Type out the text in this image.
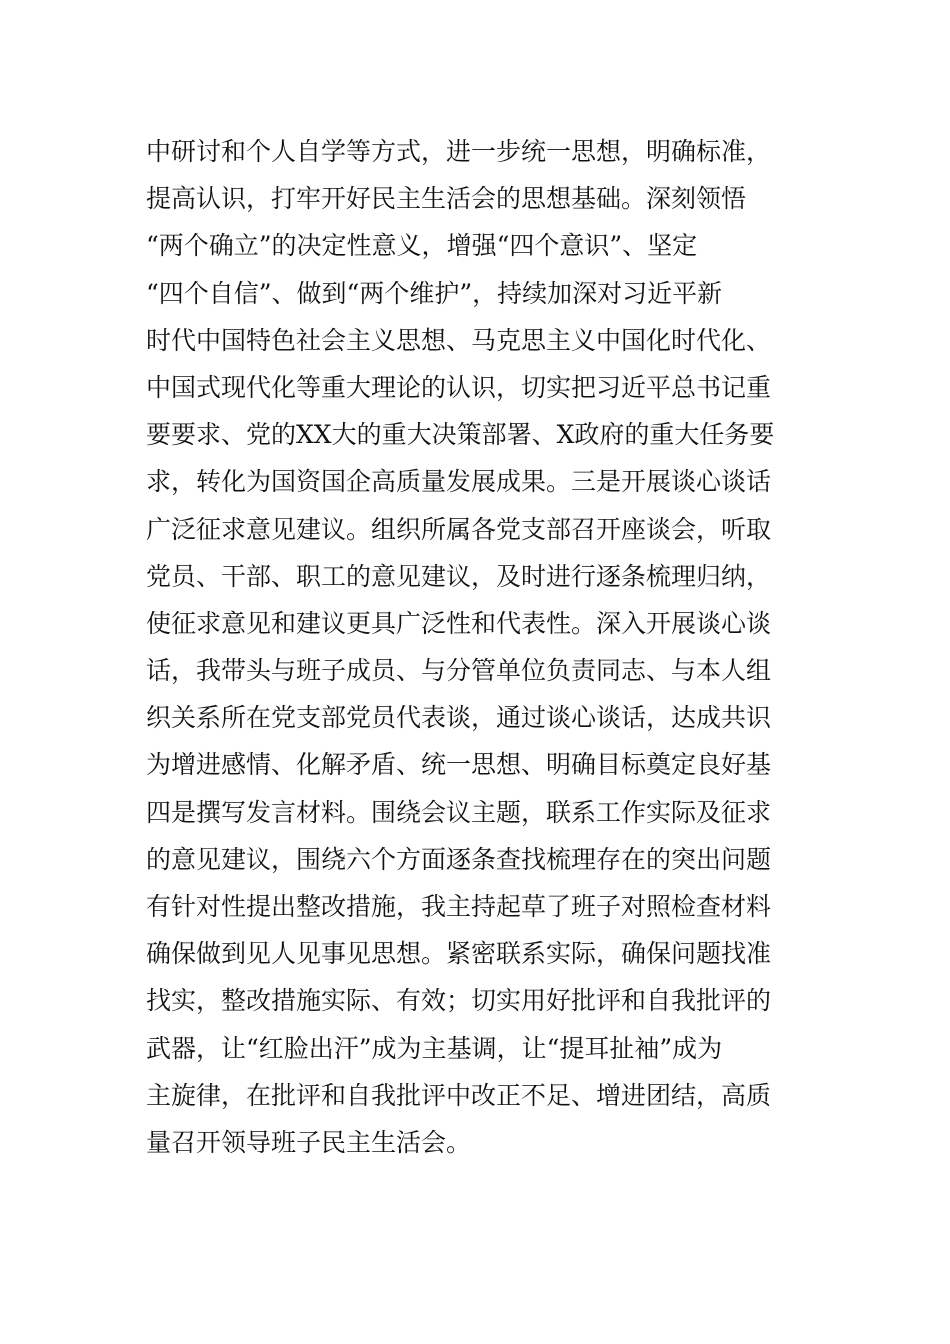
中研讨和个人自学等方式，进一步统一思想，明确标准，
提高认识，打牢开好民主生活会的思想基础。深刻领悟
“两个确立”的决定性意义，增强“四个意识”、坚定
“四个自信”、做到“两个维护”，持续加深对习近平新
时代中国特色社会主义思想、马克思主义中国化时代化、
中国式现代化等重大理论的认识，切实把习近平总书记重
要要求、党的XX大的重大决策部署、X政府的重大任务要
求，转化为国资国企高质量发展成果。三是开展谈心谈话
广泛征求意见建议。组织所属各党支部召开座谈会，听取
党员、干部、职工的意见建议，及时进行逐条梳理归纳，
使征求意见和建议更具广泛性和代表性。深入开展谈心谈
话，我带头与班子成员、与分管单位负责同志、与本人组
织关系所在党支部党员代表谈，通过谈心谈话，达成共识
为增进感情、化解矛盾、统一思想、明确目标奠定良好基
四是撰写发言材料。围绕会议主题，联系工作实际及征求
的意见建议，围绕六个方面逐条查找梳理存在的突出问题
有针对性提出整改措施，我主持起草了班子对照检查材料
确保做到见人见事见思想。紧密联系实际，确保问题找准
找实，整改措施实际、有效；切实用好批评和自我批评的
武器，让“红脸出汗”成为主基调，让“提耳扯袖”成为
主旋律，在批评和自我批评中改正不足、增进团结，高质
量召开领导班子民主生活会。
